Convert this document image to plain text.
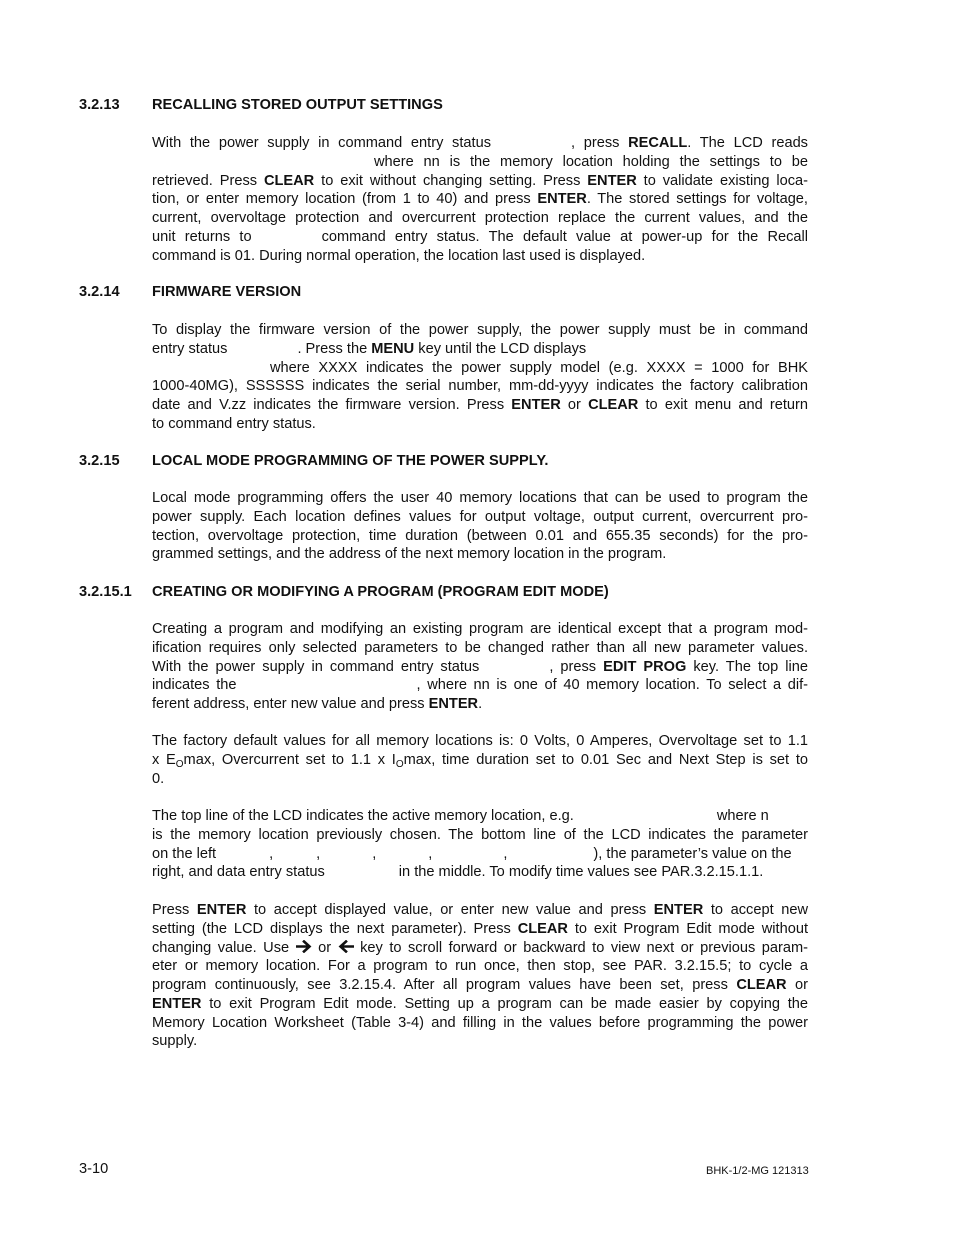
3.2.13 RECALLING STORED OUTPUT SETTINGS
With the power supply in command entry status	, press RECALL. The LCD reads
where nn is the memory location holding the settings to be
retrieved. Press CLEAR to exit without changing setting. Press ENTER to validate existing loca-
tion, or enter memory location (from 1 to 40) and press ENTER. The stored settings for voltage,
current, overvoltage protection and overcurrent protection replace the current values, and the
unit returns to	command entry status. The default value at power-up for the Recall
command is 01. During normal operation, the location last used is displayed.
3.2.14 FIRMWARE VERSION
To display the firmware version of the power supply, the power supply must be in command
entry status	. Press the MENU key until the LCD displays
where XXXX indicates the power supply model (e.g. XXXX = 1000 for BHK
1000-40MG), SSSSSS indicates the serial number, mm-dd-yyyy indicates the factory calibration
date and V.zz indicates the firmware version. Press ENTER or CLEAR to exit menu and return
to command entry status.
3.2.15 LOCAL MODE PROGRAMMING OF THE POWER SUPPLY.
Local mode programming offers the user 40 memory locations that can be used to program the
power supply. Each location defines values for output voltage, output current, overcurrent pro-
tection, overvoltage protection, time duration (between 0.01 and 655.35 seconds) for the pro-
grammed settings, and the address of the next memory location in the program.
3.2.15.1 CREATING OR MODIFYING A PROGRAM (PROGRAM EDIT MODE)
Creating a program and modifying an existing program are identical except that a program mod-
ification requires only selected parameters to be changed rather than all new parameter values.
With the power supply in command entry status	, press EDIT PROG key. The top line
indicates the	, where nn is one of 40 memory location. To select a dif-
ferent address, enter new value and press ENTER.
The factory default values for all memory locations is: 0 Volts, 0 Amperes, Overvoltage set to 1.1
x $E_O\max$, Overcurrent set to 1.1 x $I_O\max$, time duration set to 0.01 Sec and Next Step is set to
0.
The top line of the LCD indicates the active memory location, e.g.	where n
is the memory location previously chosen. The bottom line of the LCD indicates the parameter
on the left	,	,	,	,	,	), the parameter’s value on the
right, and data entry status	in the middle. To modify time values see PAR.3.2.15.1.1.
Press ENTER to accept displayed value, or enter new value and press ENTER to accept new
setting (the LCD displays the next parameter). Press CLEAR to exit Program Edit mode without
changing value. Use  or  key to scroll forward or backward to view next or previous param-
eter or memory location. For a program to run once, then stop, see PAR. 3.2.15.5; to cycle a
program continuously, see 3.2.15.4. After all program values have been set, press CLEAR or
ENTER to exit Program Edit mode. Setting up a program can be made easier by copying the
Memory Location Worksheet (Table 3-4) and filling in the values before programming the power
supply.
3-10	BHK-1/2-MG 121313
